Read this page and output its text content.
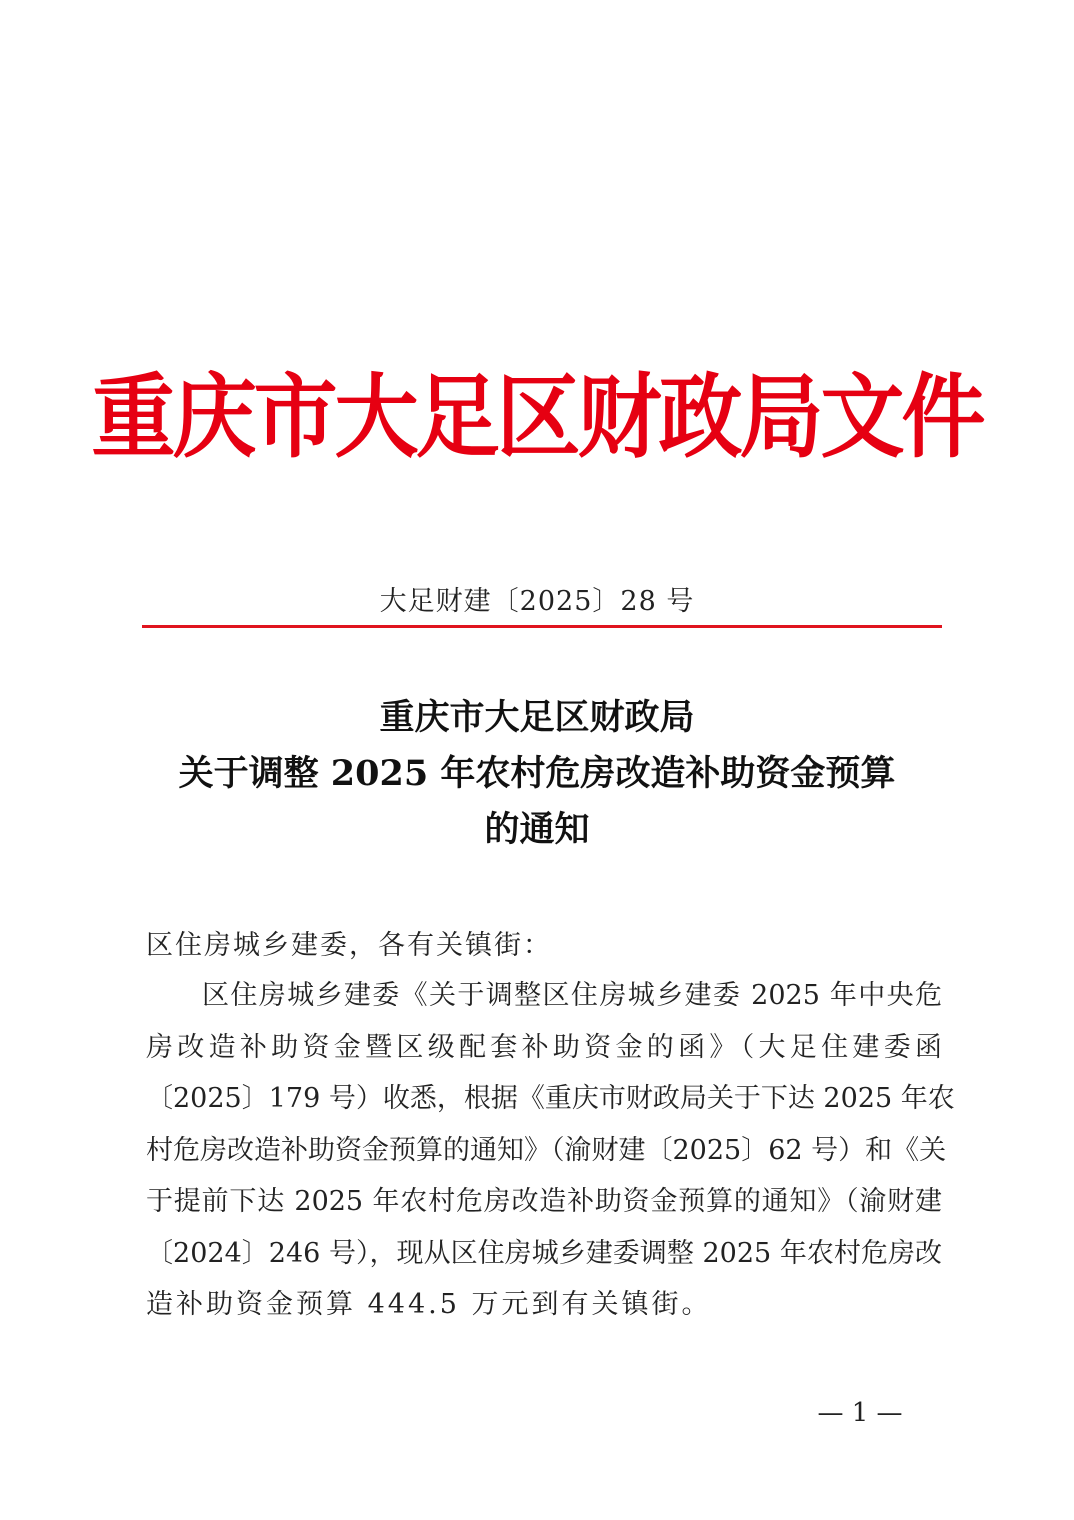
重庆市大足区财政局文件
大足财建〔2025〕28 号
重庆市大足区财政局
关于调整 2025 年农村危房改造补助资金预算
的通知
区住房城乡建委，各有关镇街：
区住房城乡建委《关于调整区住房城乡建委 2025 年中央危
房改造补助资金暨区级配套补助资金的函》（大足住建委函
〔2025〕179 号）收悉，根据《重庆市财政局关于下达 2025 年农
村危房改造补助资金预算的通知》（渝财建〔2025〕62 号）和《关
于提前下达 2025 年农村危房改造补助资金预算的通知》（渝财建
〔2024〕246 号），现从区住房城乡建委调整 2025 年农村危房改
造补助资金预算 444.5 万元到有关镇街。
— 1 —
